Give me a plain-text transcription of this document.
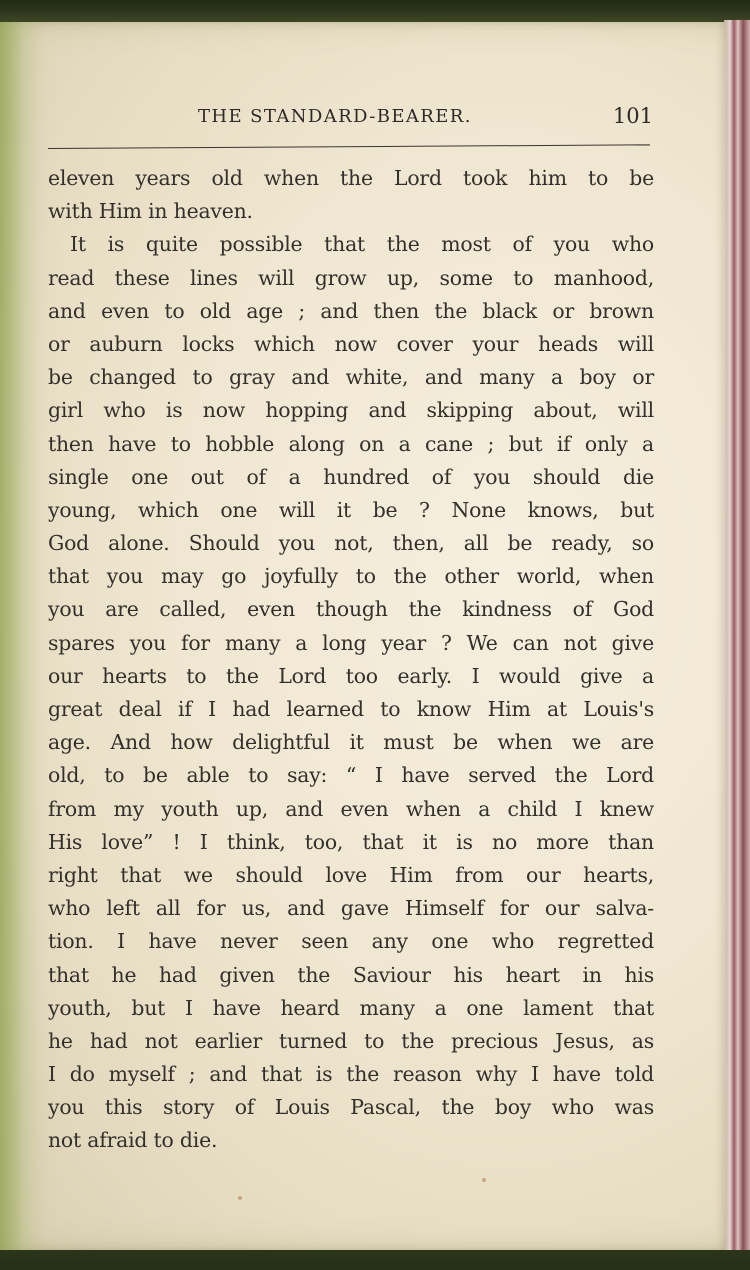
THE STANDARD-BEARER.	101
eleven years old when the Lord took him to be
with Him in heaven.
It is quite possible that the most of you who
read these lines will grow up, some to manhood,
and even to old age ; and then the black or brown
or auburn locks which now cover your heads will
be changed to gray and white, and many a boy or
girl who is now hopping and skipping about, will
then have to hobble along on a cane ; but if only a
single one out of a hundred of you should die
young, which one will it be ? None knows, but
God alone. Should you not, then, all be ready, so
that you may go joyfully to the other world, when
you are called, even though the kindness of God
spares you for many a long year ? We can not give
our hearts to the Lord too early. I would give a
great deal if I had learned to know Him at Louis's
age. And how delightful it must be when we are
old, to be able to say: “ I have served the Lord
from my youth up, and even when a child I knew
His love” ! I think, too, that it is no more than
right that we should love Him from our hearts,
who left all for us, and gave Himself for our salva-
tion. I have never seen any one who regretted
that he had given the Saviour his heart in his
youth, but I have heard many a one lament that
he had not earlier turned to the precious Jesus, as
I do myself ; and that is the reason why I have told
you this story of Louis Pascal, the boy who was
not afraid to die.
